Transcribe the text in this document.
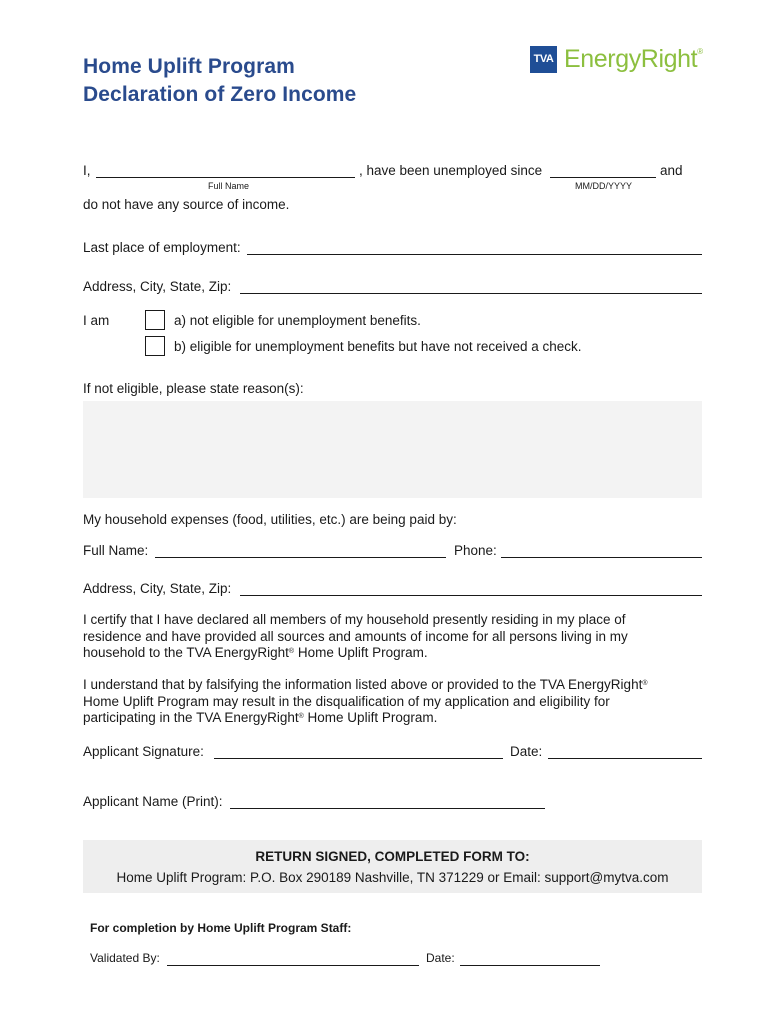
Home Uplift Program
Declaration of Zero Income
TVA EnergyRight®
I,	, have been unemployed since	and
Full Name	MM/DD/YYYY
do not have any source of income.
Last place of employment:
Address, City, State, Zip:
I am	a) not eligible for unemployment benefits.
b) eligible for unemployment benefits but have not received a check.
If not eligible, please state reason(s):
My household expenses (food, utilities, etc.) are being paid by:
Full Name:	Phone:
Address, City, State, Zip:
I certify that I have declared all members of my household presently residing in my place of
residence and have provided all sources and amounts of income for all persons living in my
household to the TVA EnergyRight® Home Uplift Program.
I understand that by falsifying the information listed above or provided to the TVA EnergyRight®
Home Uplift Program may result in the disqualification of my application and eligibility for
participating in the TVA EnergyRight® Home Uplift Program.
Applicant Signature:	Date:
Applicant Name (Print):
RETURN SIGNED, COMPLETED FORM TO:
Home Uplift Program: P.O. Box 290189 Nashville, TN 371229 or Email: support@mytva.com
For completion by Home Uplift Program Staff:
Validated By:	Date:
